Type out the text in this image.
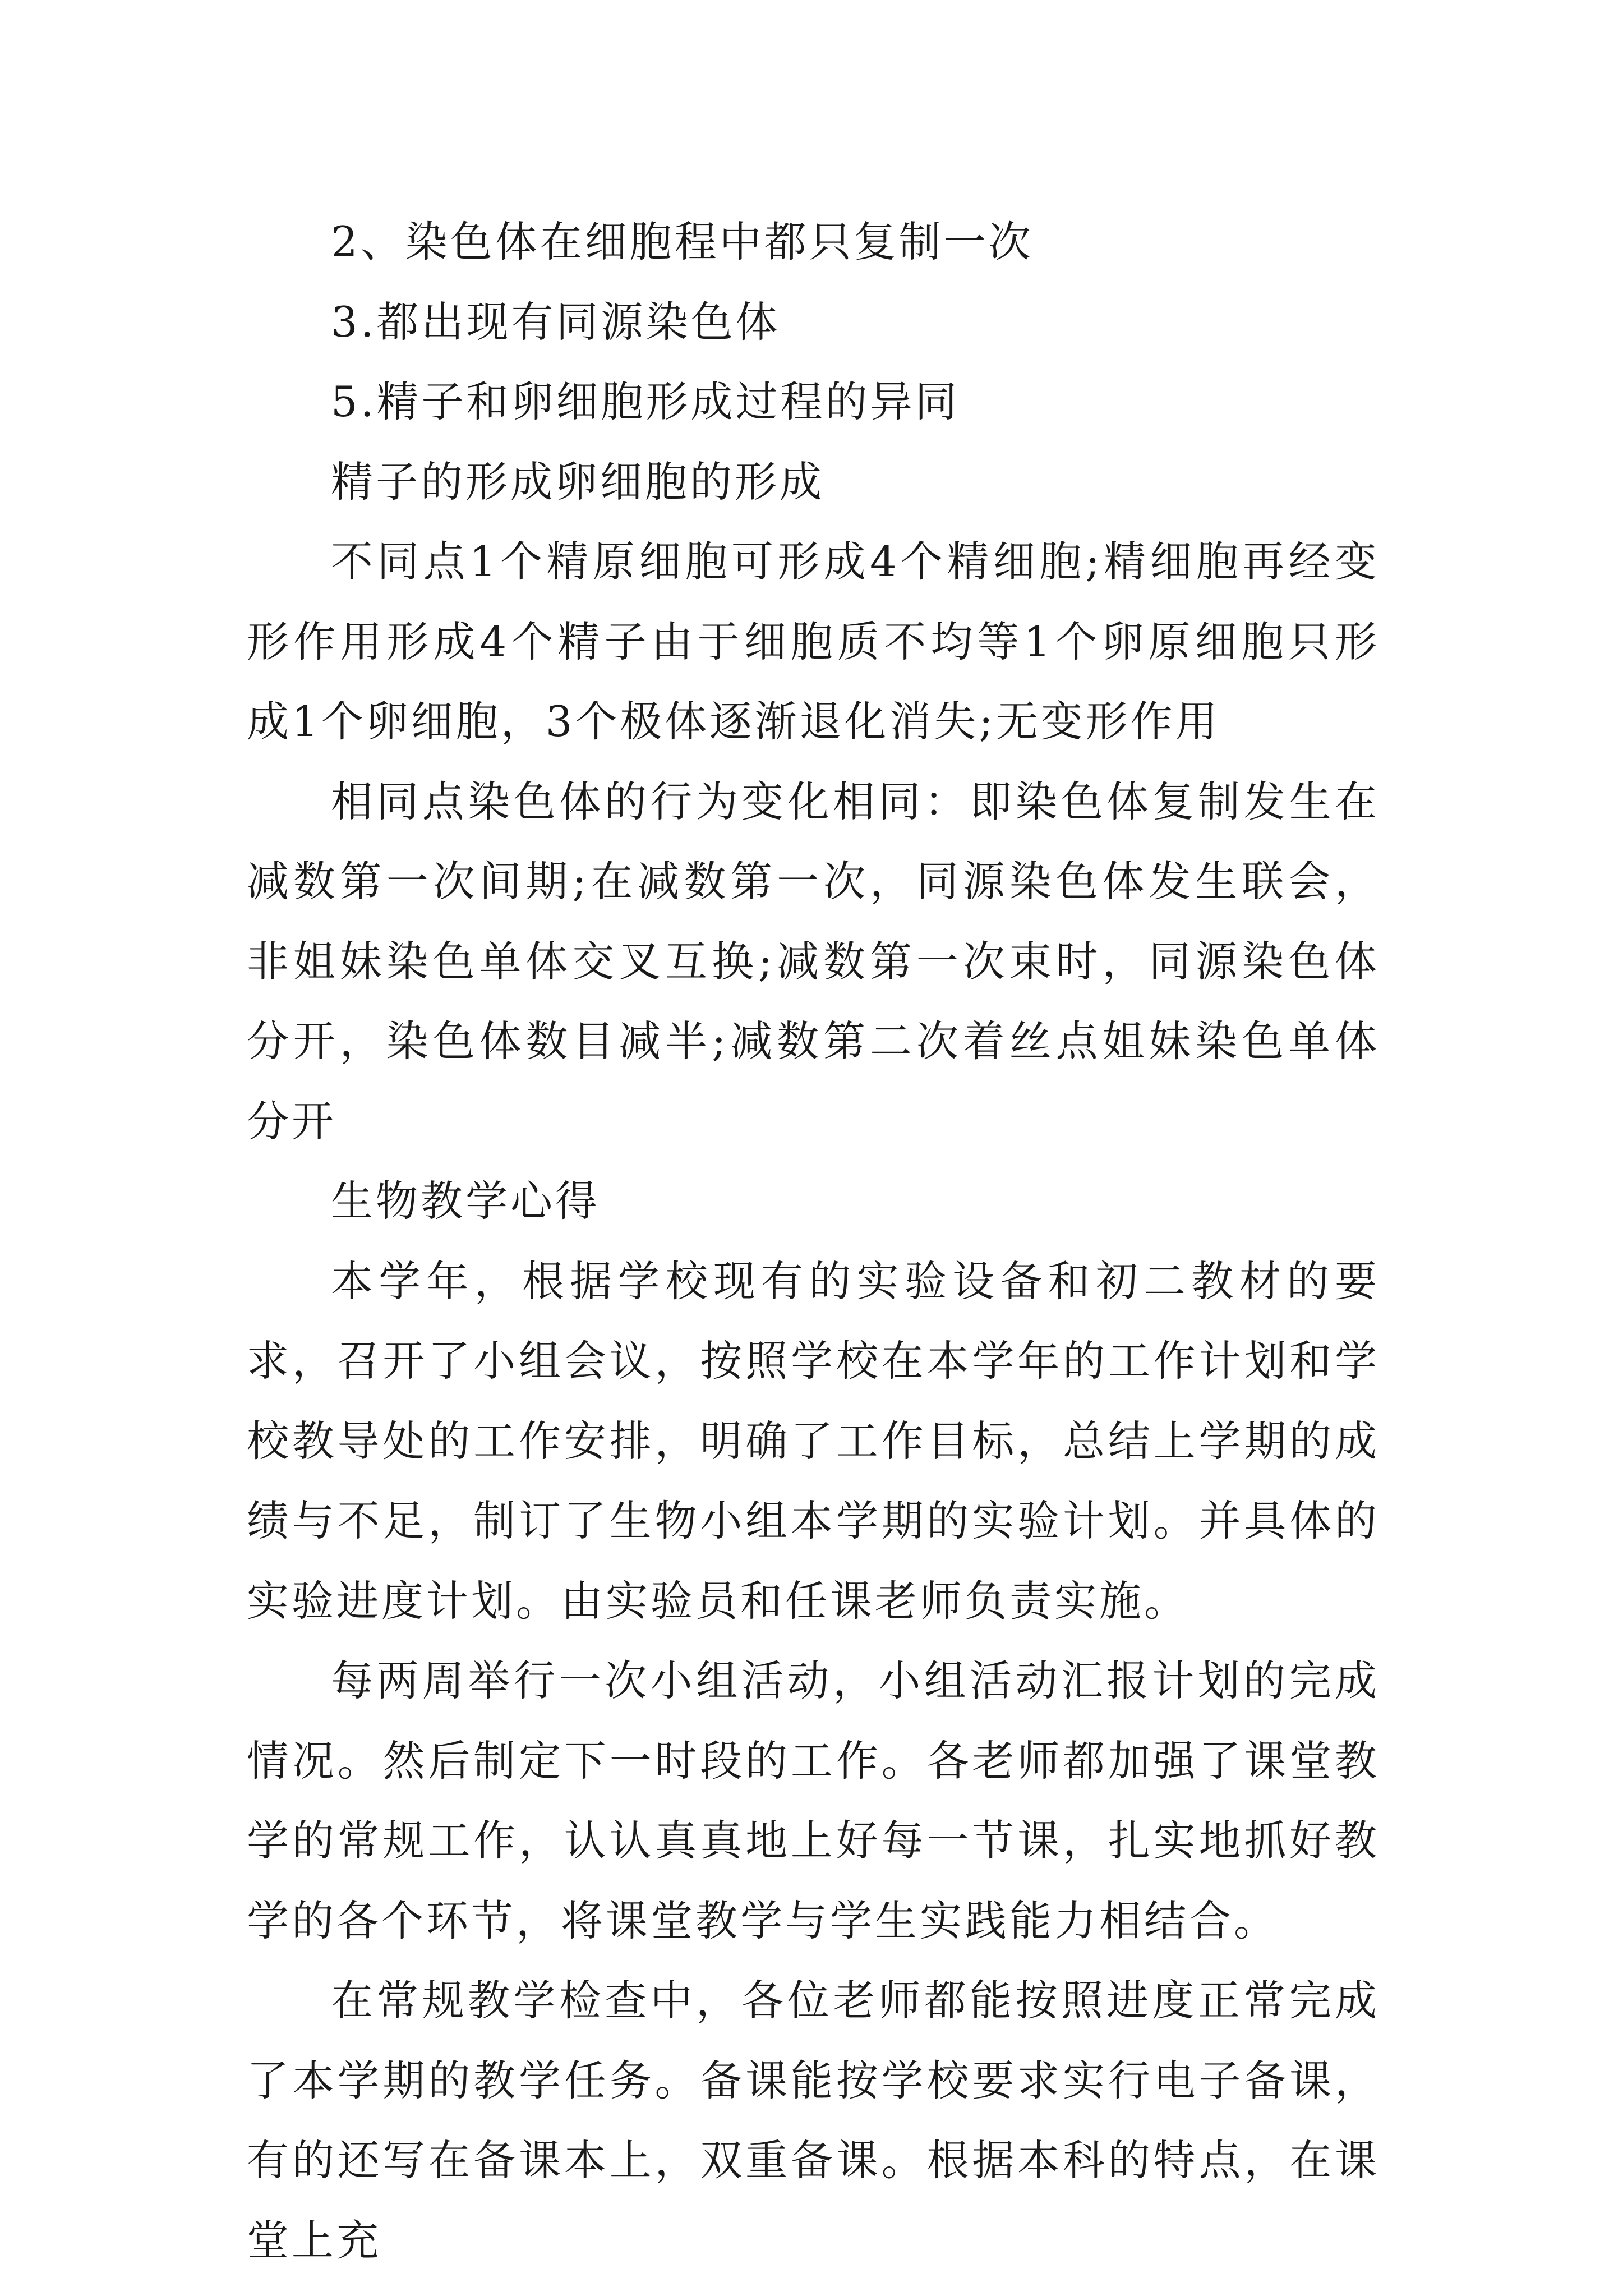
2、染色体在细胞程中都只复制一次

3.都出现有同源染色体

5.精子和卵细胞形成过程的异同

精子的形成卵细胞的形成

不同点1个精原细胞可形成4个精细胞;精细胞再经变形作用形成4个精子由于细胞质不均等1个卵原细胞只形成1个卵细胞，3个极体逐渐退化消失;无变形作用

相同点染色体的行为变化相同：即染色体复制发生在减数第一次间期;在减数第一次，同源染色体发生联会，非姐妹染色单体交叉互换;减数第一次束时，同源染色体分开，染色体数目减半;减数第二次着丝点姐妹染色单体分开

生物教学心得

本学年，根据学校现有的实验设备和初二教材的要求，召开了小组会议，按照学校在本学年的工作计划和学校教导处的工作安排，明确了工作目标，总结上学期的成绩与不足，制订了生物小组本学期的实验计划。并具体的实验进度计划。由实验员和任课老师负责实施。

每两周举行一次小组活动，小组活动汇报计划的完成情况。然后制定下一时段的工作。各老师都加强了课堂教学的常规工作，认认真真地上好每一节课，扎实地抓好教学的各个环节，将课堂教学与学生实践能力相结合。

在常规教学检查中，各位老师都能按照进度正常完成了本学期的教学任务。备课能按学校要求实行电子备课，有的还写在备课本上，双重备课。根据本科的特点，在课堂上充
